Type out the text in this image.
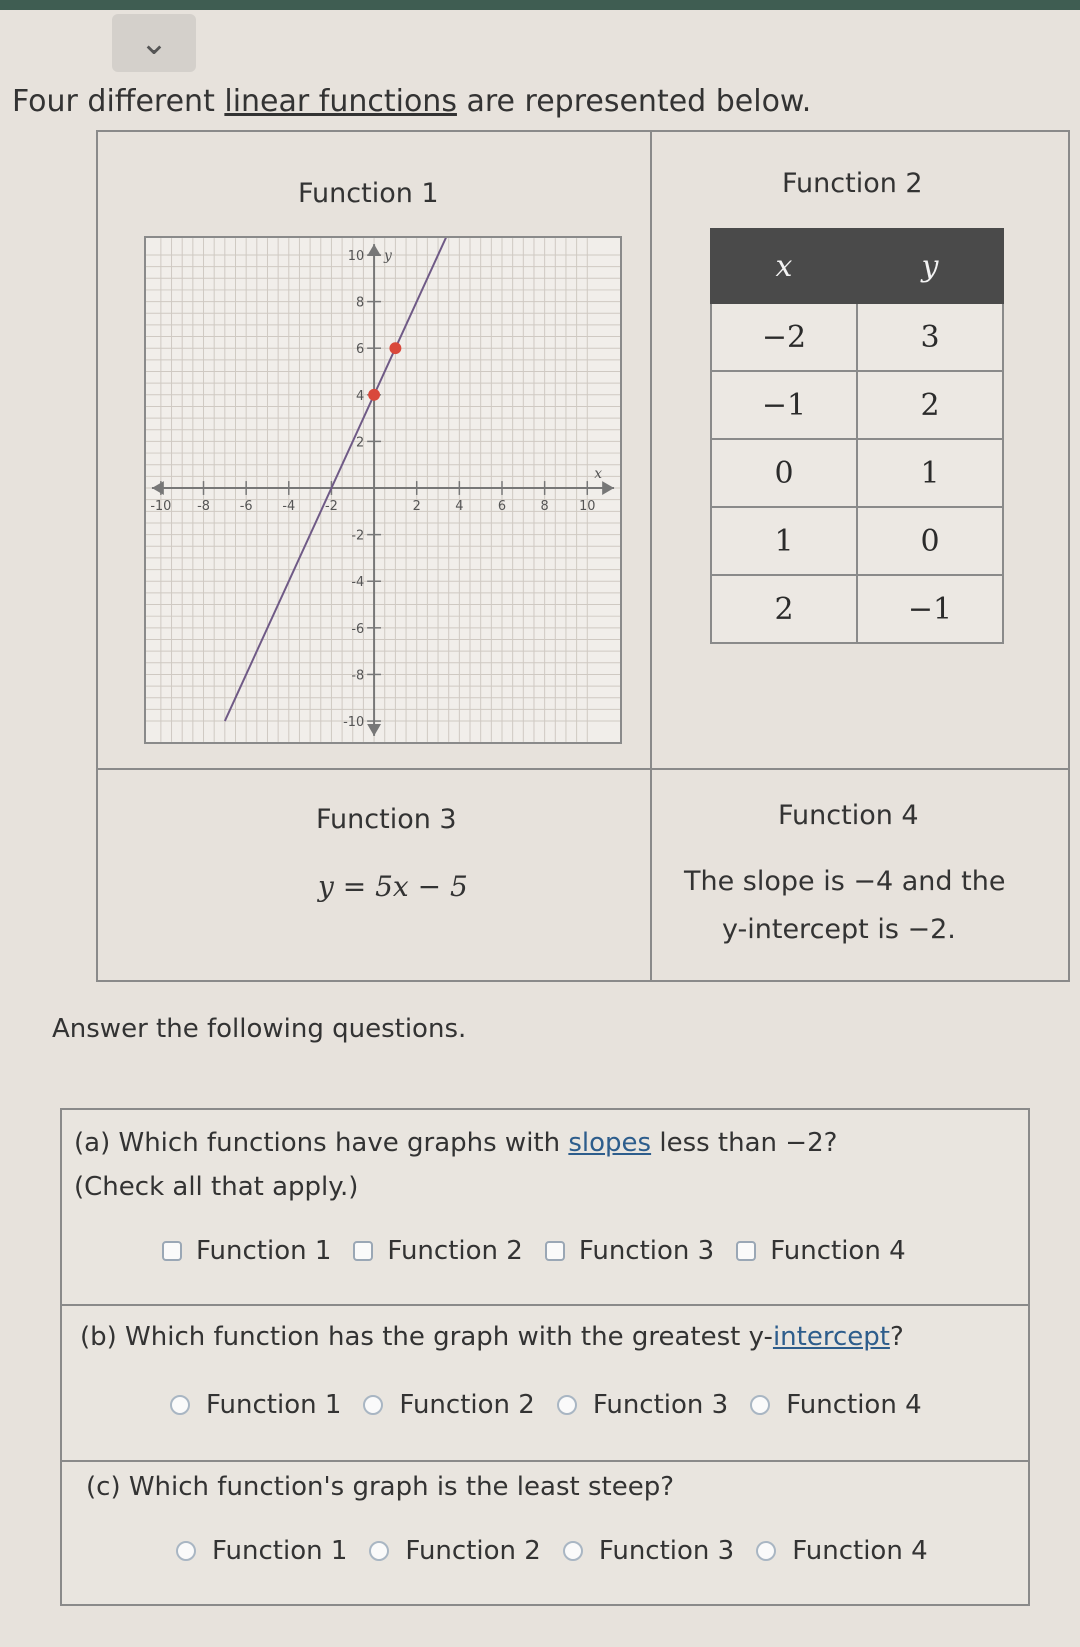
⌄
Four different linear functions are represented below.
Function 1
-10 -8 -6 -4 -2	2	4	6	8 10
10
8
6
4
2
-2
-4
-6
-8
-10
x
y
Function 2
x	y
−2	3
−1	2
0	1
1	0
2	−1
Function 3
y = 5x − 5
Function 4
The slope is −4 and the
y-intercept is −2.
Answer the following questions.
(a) Which functions have graphs with slopes less than −2?
(Check all that apply.)
Function 1 Function 2 Function 3 Function 4
(b) Which function has the graph with the greatest y-intercept?
Function 1 Function 2 Function 3 Function 4
(c) Which function's graph is the least steep?
Function 1 Function 2 Function 3 Function 4
